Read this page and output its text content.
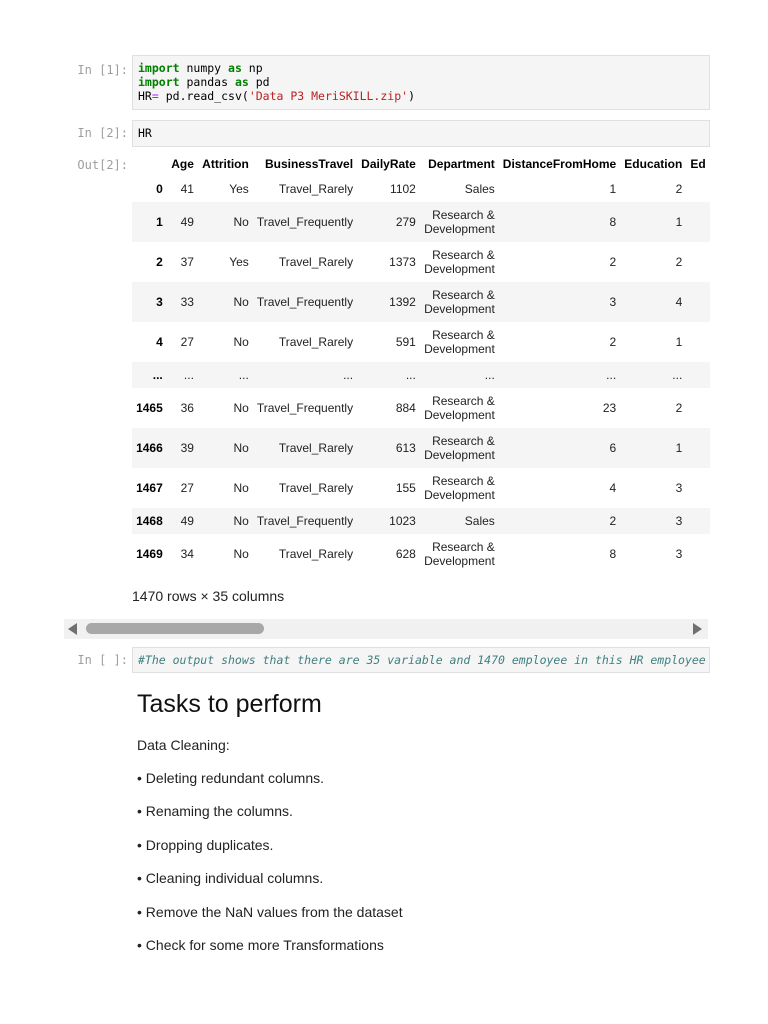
In [1]: import numpy as np
import pandas as pd
HR= pd.read_csv('Data P3 MeriSKILL.zip')
In [2]: HR
Out[2]:
		Age	Attrition	BusinessTravel	DailyRate	Department	DistanceFromHome	Education	Ed
0	41	Yes	Travel_Rarely	1102	Sales	1	2	
1	49	No	Travel_Frequently	279	Research &
Development	8	1	
2	37	Yes	Travel_Rarely	1373	Research &
Development	2	2	
3	33	No	Travel_Frequently	1392	Research &
Development	3	4	
4	27	No	Travel_Rarely	591	Research &
Development	2	1	
...	...	...	...	...	...	...	...	
1465	36	No	Travel_Frequently	884	Research &
Development	23	2	
1466	39	No	Travel_Rarely	613	Research &
Development	6	1	
1467	27	No	Travel_Rarely	155	Research &
Development	4	3	
1468	49	No	Travel_Frequently	1023	Sales	2	3	
1469	34	No	Travel_Rarely	628	Research &
Development	8	3	
1470 rows × 35 columns
In [ ]: #The output shows that there are 35 variable and 1470 employee in this HR employee
Tasks to perform
Data Cleaning:
• Deleting redundant columns.
• Renaming the columns.
• Dropping duplicates.
• Cleaning individual columns.
• Remove the NaN values from the dataset
• Check for some more Transformations
